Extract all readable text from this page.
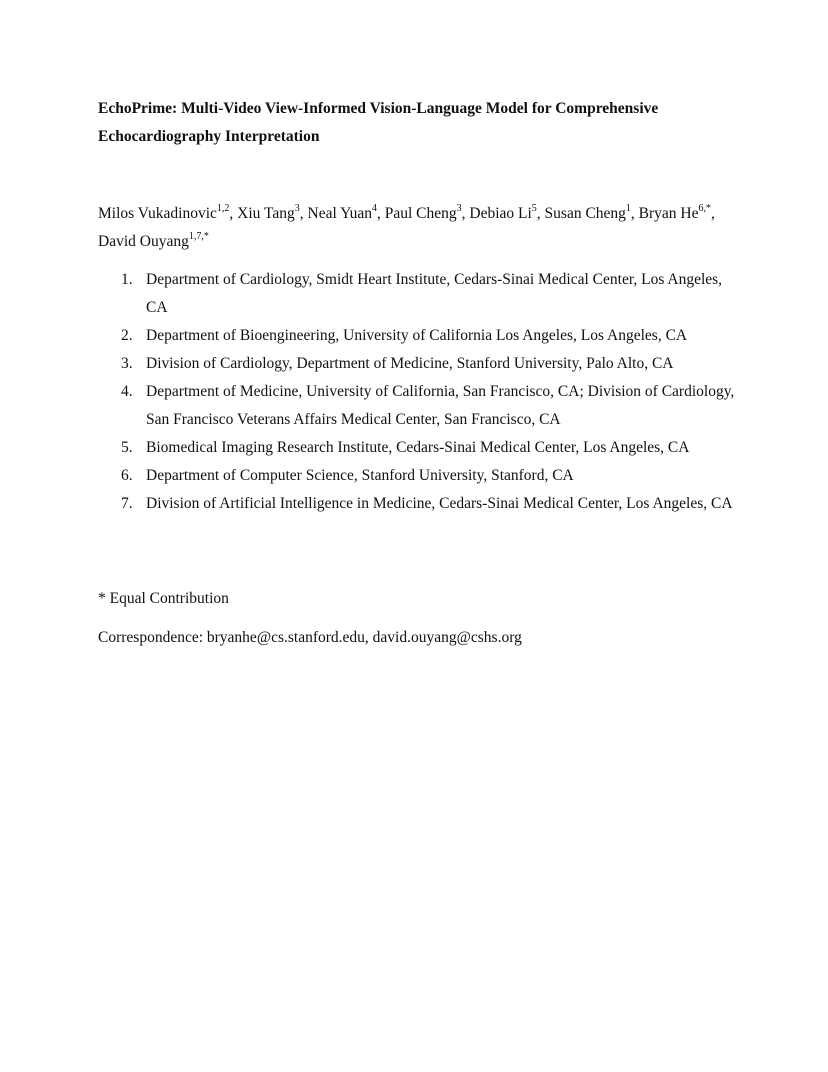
EchoPrime: Multi-Video View-Informed Vision-Language Model for Comprehensive Echocardiography Interpretation
Milos Vukadinovic$^{1,2}$, Xiu Tang$^3$, Neal Yuan$^4$, Paul Cheng$^3$, Debiao Li$^5$, Susan Cheng$^1$, Bryan $He^{6,*}$, David Ouyang$^{1,7,*}$
1. Department of Cardiology, Smidt Heart Institute, Cedars-Sinai Medical Center, Los Angeles, CA
2. Department of Bioengineering, University of California Los Angeles, Los Angeles, CA
3. Division of Cardiology, Department of Medicine, Stanford University, Palo Alto, CA
4. Department of Medicine, University of California, San Francisco, CA; Division of Cardiology, San Francisco Veterans Affairs Medical Center, San Francisco, CA
5. Biomedical Imaging Research Institute, Cedars-Sinai Medical Center, Los Angeles, CA
6. Department of Computer Science, Stanford University, Stanford, CA
7. Division of Artificial Intelligence in Medicine, Cedars-Sinai Medical Center, Los Angeles, CA
* Equal Contribution
Correspondence: bryanhe@cs.stanford.edu, david.ouyang@cshs.org
